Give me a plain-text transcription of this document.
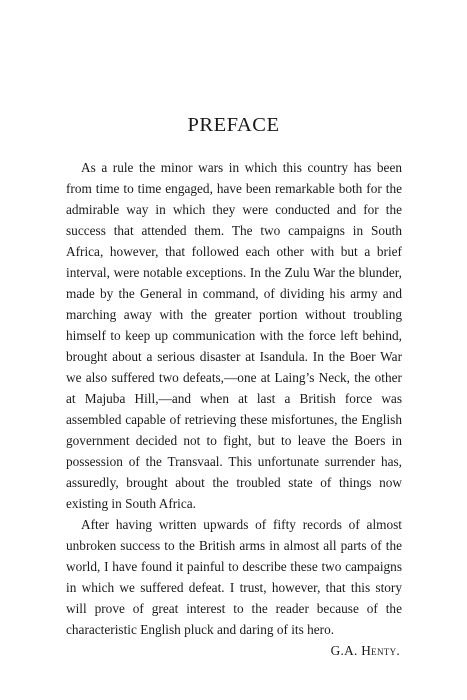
PREFACE

As a rule the minor wars in which this country has been from time to time engaged, have been remarkable both for the admirable way in which they were conducted and for the success that attended them. The two campaigns in South Africa, however, that followed each other with but a brief interval, were notable exceptions. In the Zulu War the blunder, made by the General in command, of dividing his army and marching away with the greater portion without troubling himself to keep up communication with the force left behind, brought about a serious disaster at Isandula. In the Boer War we also suffered two defeats,—one at Laing’s Neck, the other at Majuba Hill,—and when at last a British force was assembled capable of retrieving these misfortunes, the English government decided not to fight, but to leave the Boers in possession of the Transvaal. This unfortunate surrender has, assuredly, brought about the troubled state of things now existing in South Africa.

After having written upwards of fifty records of almost unbroken success to the British arms in almost all parts of the world, I have found it painful to describe these two campaigns in which we suffered defeat. I trust, however, that this story will prove of great interest to the reader because of the characteristic English pluck and daring of its hero.

G.A. Henty.
